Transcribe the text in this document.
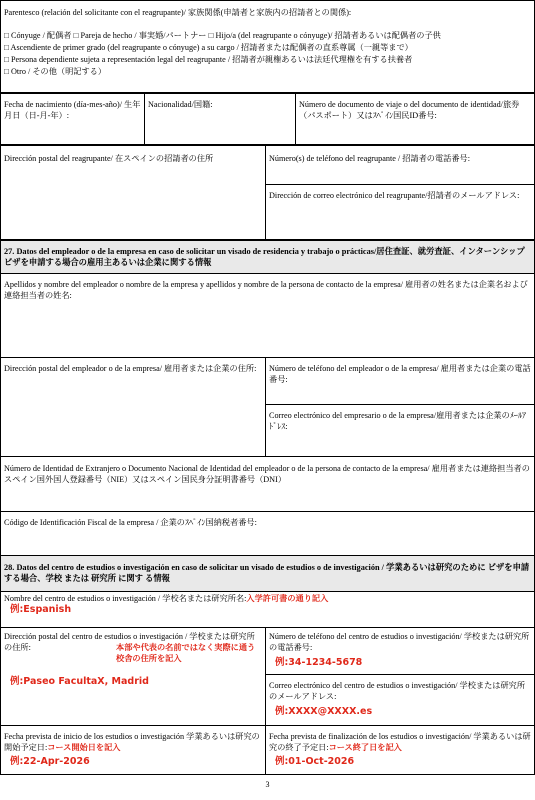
Parentesco (relación del solicitante con el reagrupante)/ 家族関係(申請者と家族内の招請者との関係):
□ Cónyuge / 配偶者 □ Pareja de hecho / 事実婚/パートナー □ Hijo/a (del reagrupante o cónyuge)/ 招請者あるいは配偶者の子供
□ Ascendiente de primer grado (del reagrupante o cónyuge) a su cargo / 招請者または配偶者の直系尊属（一親等まで）
□ Persona dependiente sujeta a representación legal del reagrupante / 招請者が親権あるいは法廷代理権を有する扶養者
□ Otro / その他（明記する）
Fecha de nacimiento (día-mes-año)/ 生年月日（日-月-年）:
Nacionalidad/国籍:	Número de documento de viaje o del documento de identidad/旅券（パスポート）又はｽﾍﾟｲﾝ国民ID番号:
Dirección postal del reagrupante/ 在スペインの招請者の住所	Número(s) de teléfono del reagrupante / 招請者の電話番号:
Dirección de correo electrónico del reagrupante/招請者のメールアドレス:
27. Datos del empleador o de la empresa en caso de solicitar un visado de residencia y trabajo o prácticas/居住査証、就労査証、インターンシップビザを申請する場合の雇用主あるいは企業に関する情報
Apellidos y nombre del empleador o nombre de la empresa y apellidos y nombre de la persona de contacto de la empresa/ 雇用者の姓名または企業名および連絡担当者の姓名:
Dirección postal del empleador o de la empresa/ 雇用者または企業の住所:	Número de teléfono del empleador o de la empresa/ 雇用者または企業の電話番号:
Correo electrónico del empresario o de la empresa/雇用者または企業のﾒｰﾙｱﾄﾞﾚｽ:
Número de Identidad de Extranjero o Documento Nacional de Identidad del empleador o de la persona de contacto de la empresa/ 雇用者または連絡担当者のスペイン国外国人登録番号（NIE）又はスペイン国民身分証明書番号（DNI）
Código de Identificación Fiscal de la empresa / 企業のｽﾍﾟｲﾝ国納税者番号:
28. Datos del centro de estudios o investigación en caso de solicitar un visado de estudios o de investigación / 学業あるいは研究のために ビザを申請する場合、学校 または 研究所 に関す る情報
Nombre del centro de estudios o investigación / 学校名または研究所名:入学許可書の通り記入
例:Espanish
Dirección postal del centro de estudios o investigación / 学校または研究所の住所:	本部や代表の名前ではなく実際に通う校舎の住所を記入
例:Paseo FacultaX, Madrid
Número de teléfono del centro de estudios o investigación/ 学校または研究所の電話番号:
例:34-1234-5678
Correo electrónico del centro de estudios o investigación/ 学校または研究所のメールアドレス:
例:XXXX@XXXX.es
Fecha prevista de inicio de los estudios o investigación 学業あるいは研究の開始予定日:コース開始日を記入
例:22-Apr-2026
Fecha prevista de finalización de los estudios o investigación/ 学業あるいは研究の終了予定日:コース終了日を記入
例:01-Oct-2026
3
